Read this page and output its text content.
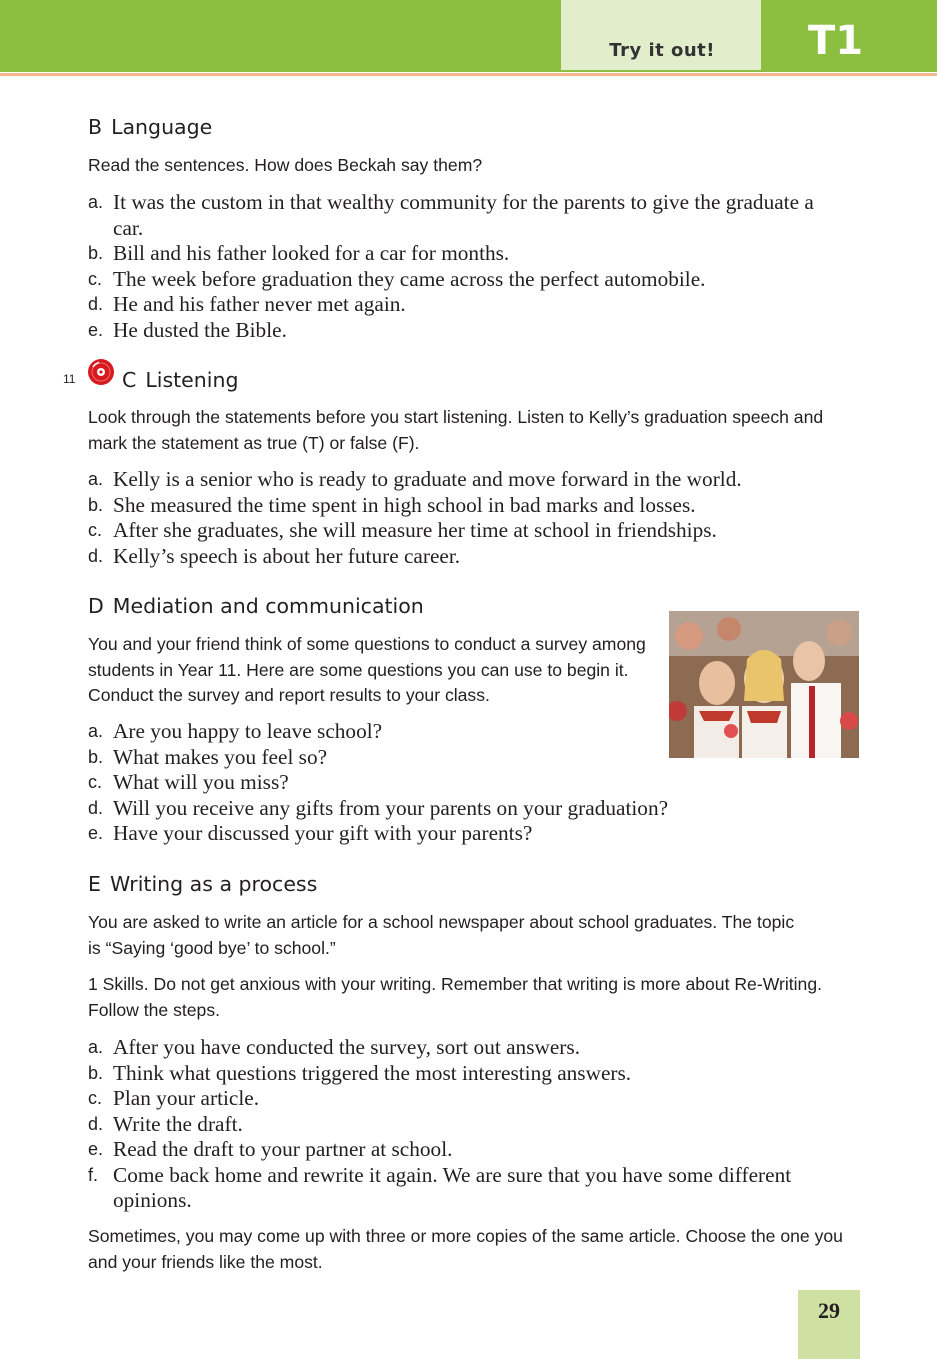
Try it out! T1
11
B Language
Read the sentences. How does Beckah say them?
a. It was the custom in that wealthy community for the parents to give the graduate a car.
b. Bill and his father looked for a car for months.
c. The week before graduation they came across the perfect automobile.
d. He and his father never met again.
e. He dusted the Bible.
C Listening
Look through the statements before you start listening. Listen to Kelly’s graduation speech and mark the statement as true (T) or false (F).
a. Kelly is a senior who is ready to graduate and move forward in the world.
b. She measured the time spent in high school in bad marks and losses.
c. After she graduates, she will measure her time at school in friendships.
d. Kelly’s speech is about her future career.
D Mediation and communication
You and your friend think of some questions to conduct a survey among students in Year 11. Here are some questions you can use to begin it. Conduct the survey and report results to your class.
a. Are you happy to leave school?
b. What makes you feel so?
c. What will you miss?
d. Will you receive any gifts from your parents on your graduation?
e. Have your discussed your gift with your parents?
E Writing as a process
You are asked to write an article for a school newspaper about school graduates. The topic is “Saying ‘good bye’ to school.”
1 Skills. Do not get anxious with your writing. Remember that writing is more about Re-Writing. Follow the steps.
a. After you have conducted the survey, sort out answers.
b. Think what questions triggered the most interesting answers.
c. Plan your article.
d. Write the draft.
e. Read the draft to your partner at school.
f. Come back home and rewrite it again. We are sure that you have some different opinions.
Sometimes, you may come up with three or more copies of the same article. Choose the one you and your friends like the most.
29
